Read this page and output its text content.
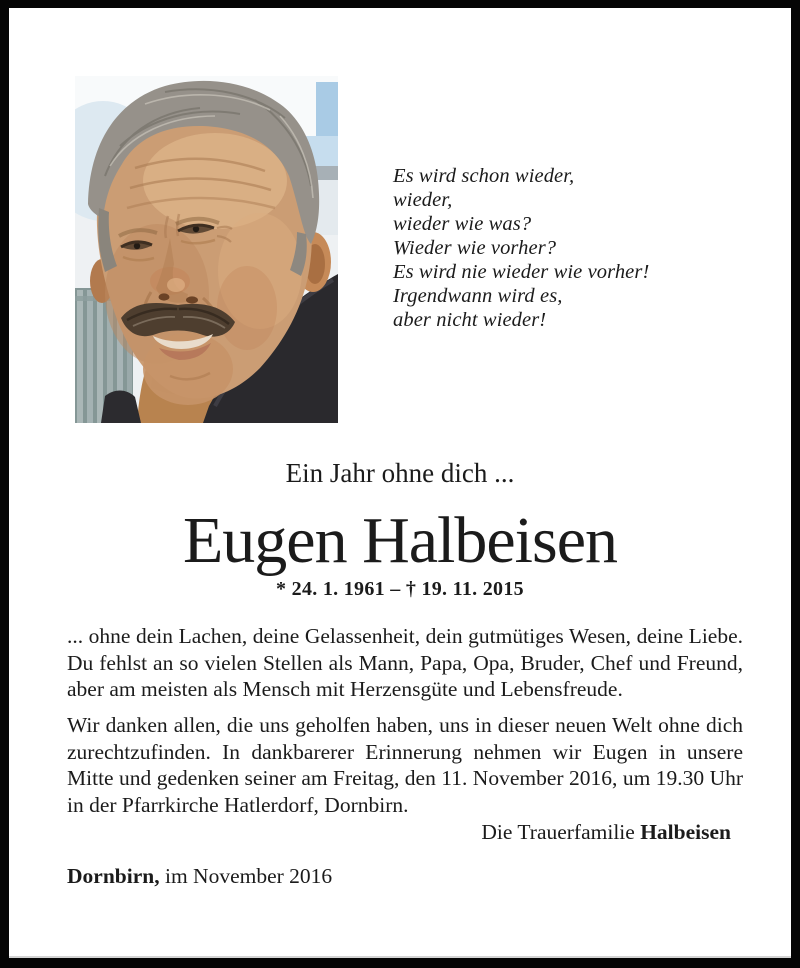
Es wird schon wieder,
wieder,
wieder wie was?
Wieder wie vorher?
Es wird nie wieder wie vorher!
Irgendwann wird es,
aber nicht wieder!
Ein Jahr ohne dich ...
Eugen Halbeisen
* 24. 1. 1961 – † 19. 11. 2015
... ohne dein Lachen, deine Gelassenheit, dein gutmütiges Wesen, deine Liebe. Du fehlst an so vielen Stellen als Mann, Papa, Opa, Bruder, Chef und Freund, aber am meisten als Mensch mit Herzensgüte und Lebensfreude.
Wir danken allen, die uns geholfen haben, uns in dieser neuen Welt ohne dich zurechtzufinden. In dankbarerer Erinnerung nehmen wir Eugen in unsere Mitte und gedenken seiner am Freitag, den 11. November 2016, um 19.30 Uhr in der Pfarrkirche Hatlerdorf, Dornbirn.
Die Trauerfamilie Halbeisen
Dornbirn, im November 2016
